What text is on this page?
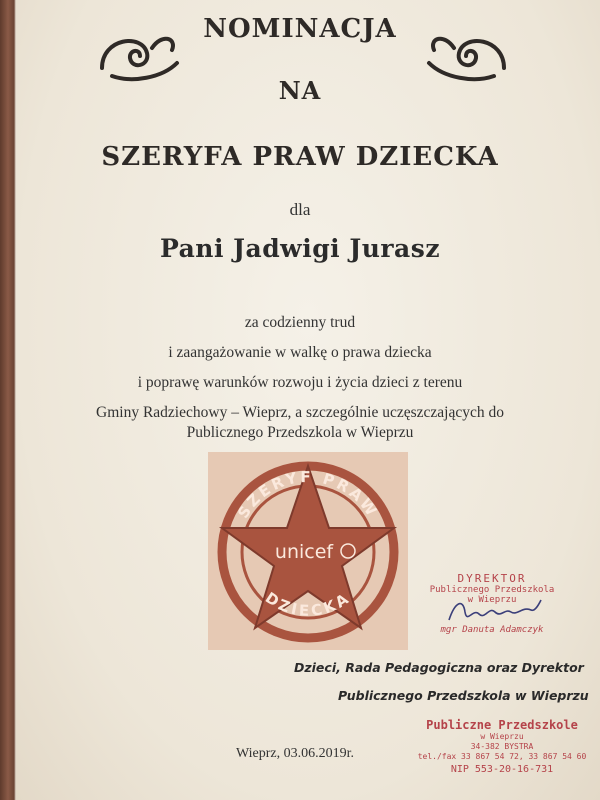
NOMINACJA
NA
SZERYFA PRAW DZIECKA
dla
Pani Jadwigi Jurasz
za codzienny trud
i zaangażowanie w walkę o prawa dziecka
i poprawę warunków rozwoju i życia dzieci z terenu
Gminy Radziechowy – Wieprz, a szczególnie uczęszczających do
Publicznego Przedszkola w Wieprzu
SZERYF PRAW
unicef
DZIECKA
DYREKTOR
Publicznego Przedszkola
w Wieprzu
mgr Danuta Adamczyk
Dzieci, Rada Pedagogiczna oraz Dyrektor
Publicznego Przedszkola w Wieprzu
Wieprz, 03.06.2019r.
Publiczne Przedszkole
w Wieprzu
34-382 BYSTRA
tel./fax 33 867 54 72, 33 867 54 60
NIP 553-20-16-731
